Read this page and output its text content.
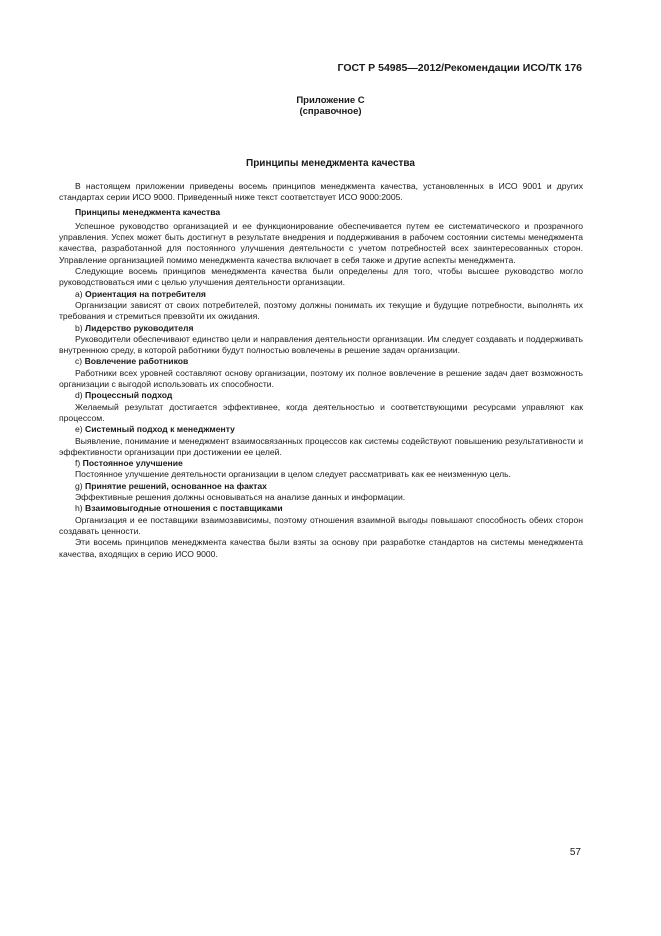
ГОСТ Р 54985—2012/Рекомендации ИСО/ТК 176
Приложение С
(справочное)
Принципы менеджмента качества

В настоящем приложении приведены восемь принципов менеджмента качества, установленных в ИСО 9001 и других стандартах серии ИСО 9000. Приведенный ниже текст соответствует ИСО 9000:2005.

Принципы менеджмента качества

Успешное руководство организацией и ее функционирование обеспечивается путем ее систематического и прозрачного управления. Успех может быть достигнут в результате внедрения и поддерживания в рабочем состоянии системы менеджмента качества, разработанной для постоянного улучшения деятельности с учетом потребностей всех заинтересованных сторон. Управление организацией помимо менеджмента качества включает в себя также и другие аспекты менеджмента.

Следующие восемь принципов менеджмента качества были определены для того, чтобы высшее руководство могло руководствоваться ими с целью улучшения деятельности организации.

a) Ориентация на потребителя

Организации зависят от своих потребителей, поэтому должны понимать их текущие и будущие потребности, выполнять их требования и стремиться превзойти их ожидания.

b) Лидерство руководителя

Руководители обеспечивают единство цели и направления деятельности организации. Им следует создавать и поддерживать внутреннюю среду, в которой работники будут полностью вовлечены в решение задач организации.

c) Вовлечение работников

Работники всех уровней составляют основу организации, поэтому их полное вовлечение в решение задач дает возможность организации с выгодой использовать их способности.

d) Процессный подход

Желаемый результат достигается эффективнее, когда деятельностью и соответствующими ресурсами управляют как процессом.

e) Системный подход к менеджменту

Выявление, понимание и менеджмент взаимосвязанных процессов как системы содействуют повышению результативности и эффективности организации при достижении ее целей.

f) Постоянное улучшение

Постоянное улучшение деятельности организации в целом следует рассматривать как ее неизменную цель.

g) Принятие решений, основанное на фактах

Эффективные решения должны основываться на анализе данных и информации.

h) Взаимовыгодные отношения с поставщиками

Организация и ее поставщики взаимозависимы, поэтому отношения взаимной выгоды повышают способность обеих сторон создавать ценности.

Эти восемь принципов менеджмента качества были взяты за основу при разработке стандартов на системы менеджмента качества, входящих в серию ИСО 9000.

57
